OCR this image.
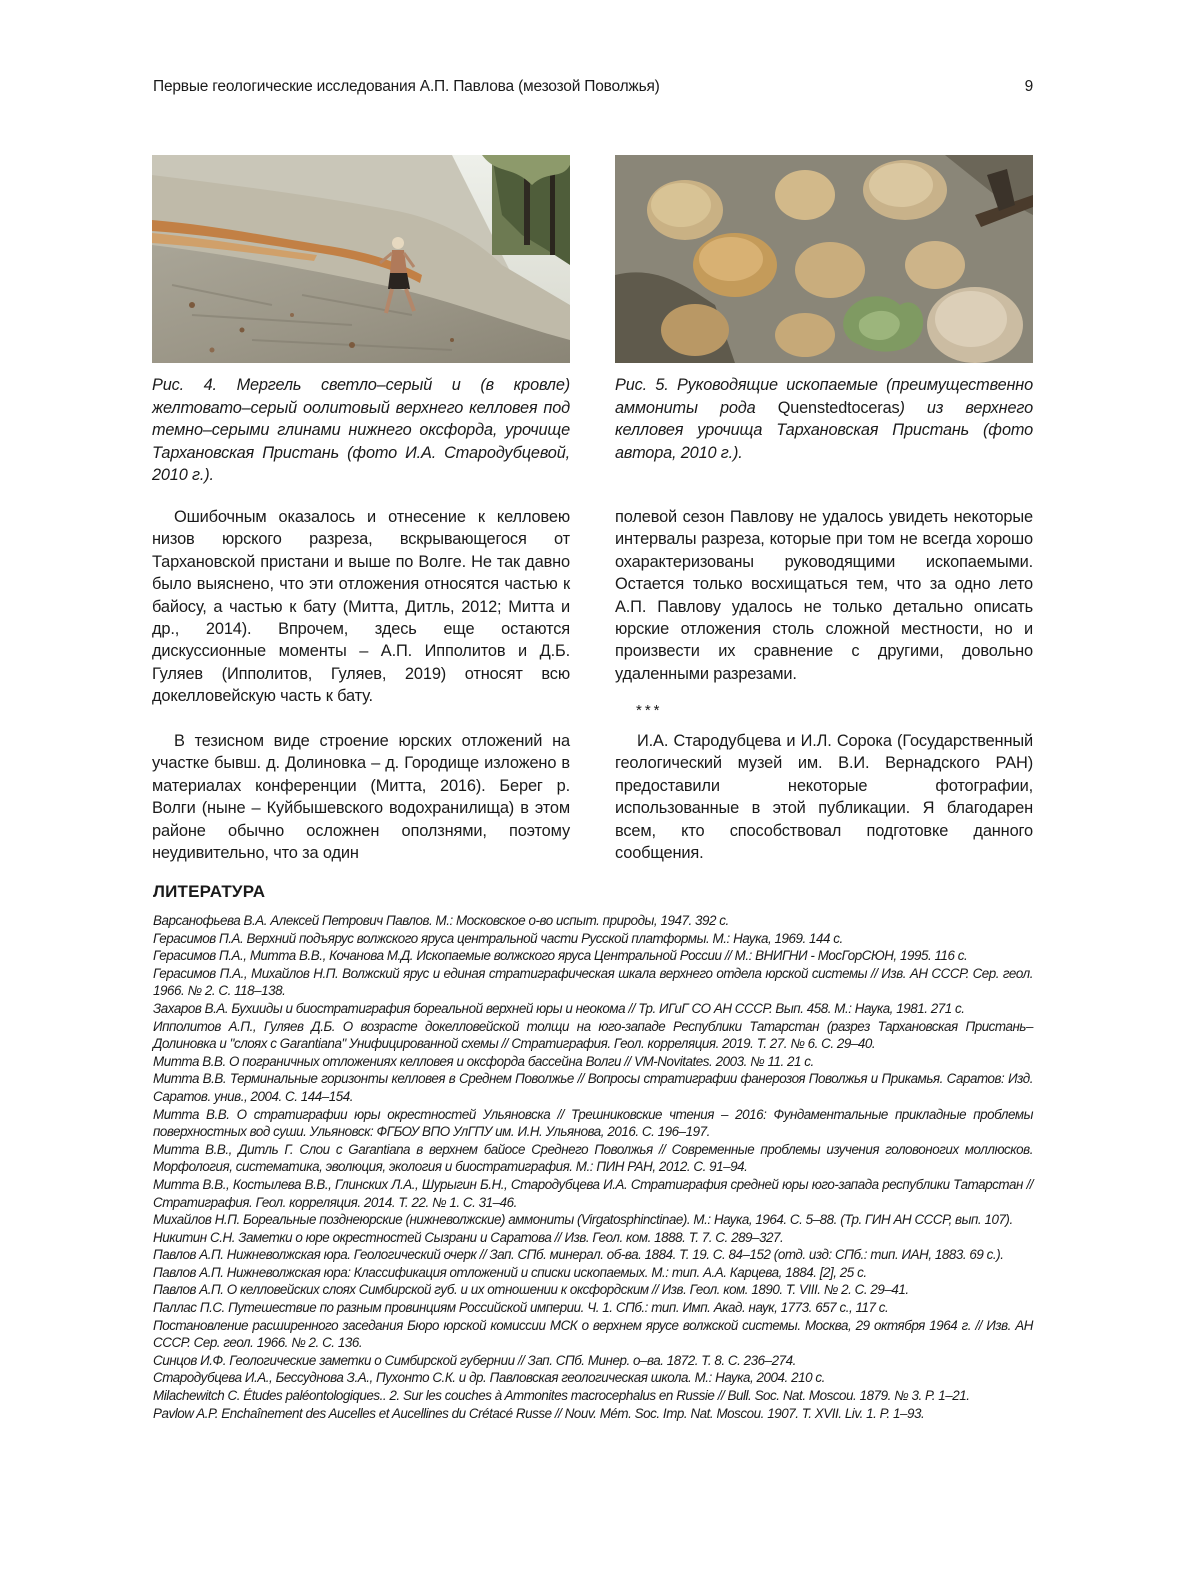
Первые геологические исследования А.П. Павлова (мезозой Поволжья)	9

Рис. 4. Мергель светло–серый и (в кровле) желтовато–серый оолитовый верхнего келловея под темно–серыми глинами нижнего оксфорда, урочище Тархановская Пристань (фото И.А. Стародубцевой, 2010 г.).

Рис. 5. Руководящие ископаемые (преимущественно аммониты рода Quenstedtoceras) из верхнего келловея урочища Тархановская Пристань (фото автора, 2010 г.).

Ошибочным оказалось и отнесение к келловею низов юрского разреза, вскрывающегося от Тархановской пристани и выше по Волге. Не так давно было выяснено, что эти отложения относятся частью к байосу, а частью к бату (Митта, Дитль, 2012; Митта и др., 2014). Впрочем, здесь еще остаются дискуссионные моменты – А.П. Ипполитов и Д.Б. Гуляев (Ипполитов, Гуляев, 2019) относят всю докелловейскую часть к бату.

В тезисном виде строение юрских отложений на участке бывш. д. Долиновка – д. Городище изложено в материалах конференции (Митта, 2016). Берег р. Волги (ныне – Куйбышевского водохранилища) в этом районе обычно осложнен оползнями, поэтому неудивительно, что за один

полевой сезон Павлову не удалось увидеть некоторые интервалы разреза, которые при том не всегда хорошо охарактеризованы руководящими ископаемыми. Остается только восхищаться тем, что за одно лето А.П. Павлову удалось не только детально описать юрские отложения столь сложной местности, но и произвести их сравнение с другими, довольно удаленными разрезами.

***

И.А. Стародубцева и И.Л. Сорока (Государственный геологический музей им. В.И. Вернадского РАН) предоставили некоторые фотографии, использованные в этой публикации. Я благодарен всем, кто способствовал подготовке данного сообщения.

ЛИТЕРАТУРА
Варсанофьева В.А. Алексей Петрович Павлов. М.: Московское о-во испыт. природы, 1947. 392 с.
Герасимов П.А. Верхний подъярус волжского яруса центральной части Русской платформы. М.: Наука, 1969. 144 с.
Герасимов П.А., Митта В.В., Кочанова М.Д. Ископаемые волжского яруса Центральной России // М.: ВНИГНИ - МосГорСЮН, 1995. 116 с.
Герасимов П.А., Михайлов Н.П. Волжский ярус и единая стратиграфическая шкала верхнего отдела юрской системы // Изв. АН СССР. Сер. геол. 1966. № 2. С. 118–138.
Захаров В.А. Бухииды и биостратиграфия бореальной верхней юры и неокома // Тр. ИГиГ СО АН СССР. Вып. 458. М.: Наука, 1981. 271 с.
Ипполитов А.П., Гуляев Д.Б. О возрасте докелловейской толщи на юго-западе Республики Татарстан (разрез Тархановская Пристань–Долиновка и "слоях с Garantiana" Унифицированной схемы // Стратиграфия. Геол. корреляция. 2019. Т. 27. № 6. С. 29–40.
Митта В.В. О пограничных отложениях келловея и оксфорда бассейна Волги // VM-Novitates. 2003. № 11. 21 с.
Митта В.В. Терминальные горизонты келловея в Среднем Поволжье // Вопросы стратиграфии фанерозоя Поволжья и Прикамья. Саратов: Изд. Саратов. унив., 2004. С. 144–154.
Митта В.В. О стратиграфии юры окрестностей Ульяновска // Трешниковские чтения – 2016: Фундаментальные прикладные проблемы поверхностных вод суши. Ульяновск: ФГБОУ ВПО УлГПУ им. И.Н. Ульянова, 2016. С. 196–197.
Митта В.В., Дитль Г. Слои с Garantiana в верхнем байосе Среднего Поволжья // Современные проблемы изучения головоногих моллюсков. Морфология, систематика, эволюция, экология и биостратиграфия. М.: ПИН РАН, 2012. С. 91–94.
Митта В.В., Костылева В.В., Глинских Л.А., Шурыгин Б.Н., Стародубцева И.А. Стратиграфия средней юры юго-запада республики Татарстан // Стратиграфия. Геол. корреляция. 2014. Т. 22. № 1. С. 31–46.
Михайлов Н.П. Бореальные позднеюрские (нижневолжские) аммониты (Virgatosphinctinae). М.: Наука, 1964. С. 5–88. (Тр. ГИН АН СССР, вып. 107).
Никитин С.Н. Заметки о юре окрестностей Сызрани и Саратова // Изв. Геол. ком. 1888. Т. 7. С. 289–327.
Павлов А.П. Нижневолжская юра. Геологический очерк // Зап. СПб. минерал. об-ва. 1884. Т. 19. С. 84–152 (отд. изд: СПб.: тип. ИАН, 1883. 69 с.).
Павлов А.П. Нижневолжская юра: Классификация отложений и списки ископаемых. М.: тип. А.А. Карцева, 1884. [2], 25 с.
Павлов А.П. О келловейских слоях Симбирской губ. и их отношении к оксфордским // Изв. Геол. ком. 1890. Т. VIII. № 2. С. 29–41.
Паллас П.С. Путешествие по разным провинциям Российской империи. Ч. 1. СПб.: тип. Имп. Акад. наук, 1773. 657 с., 117 с.
Постановление расширенного заседания Бюро юрской комиссии МСК о верхнем ярусе волжской системы. Москва, 29 октября 1964 г. // Изв. АН СССР. Сер. геол. 1966. № 2. С. 136.
Синцов И.Ф. Геологические заметки о Симбирской губернии // Зап. СПб. Минер. о–ва. 1872. Т. 8. С. 236–274.
Стародубцева И.А., Бессуднова З.А., Пухонто С.К. и др. Павловская геологическая школа. М.: Наука, 2004. 210 с.
Milachewitch C. Études paléontologiques.. 2. Sur les couches à Ammonites macrocephalus en Russie // Bull. Soc. Nat. Moscou. 1879. № 3. P. 1–21.
Pavlow A.P. Enchaînement des Aucelles et Aucellines du Crétacé Russe // Nouv. Mém. Soc. Imp. Nat. Moscou. 1907. T. XVII. Liv. 1. P. 1–93.
